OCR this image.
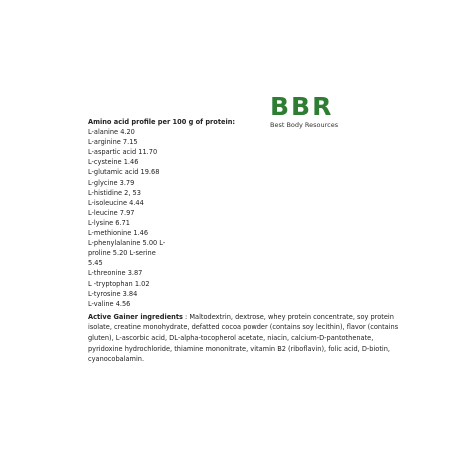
BBR
Best Body Resources
Amino acid profile per 100 g of protein:
L-alanine 4.20
L-arginine 7.15
L-aspartic acid 11.70
L-cysteine 1.46
L-glutamic acid 19.68
L-glycine 3.79
L-histidine 2, 53
L-isoleucine 4.44
L-leucine 7.97
L-lysine 6.71
L-methionine 1.46
L-phenylalanine 5.00 L-
proline 5.20 L-serine
5.45
L-threonine 3.87
L -tryptophan 1.02
L-tyrosine 3.84
L-valine 4.56
Active Gainer ingredients : Maltodextrin, dextrose, whey protein concentrate, soy protein isolate, creatine monohydrate, defatted cocoa powder (contains soy lecithin), flavor (contains gluten), L-ascorbic acid, DL-alpha-tocopherol acetate, niacin, calcium-D-pantothenate, pyridoxine hydrochloride, thiamine mononitrate, vitamin B2 (riboflavin), folic acid, D-biotin, cyanocobalamin.
